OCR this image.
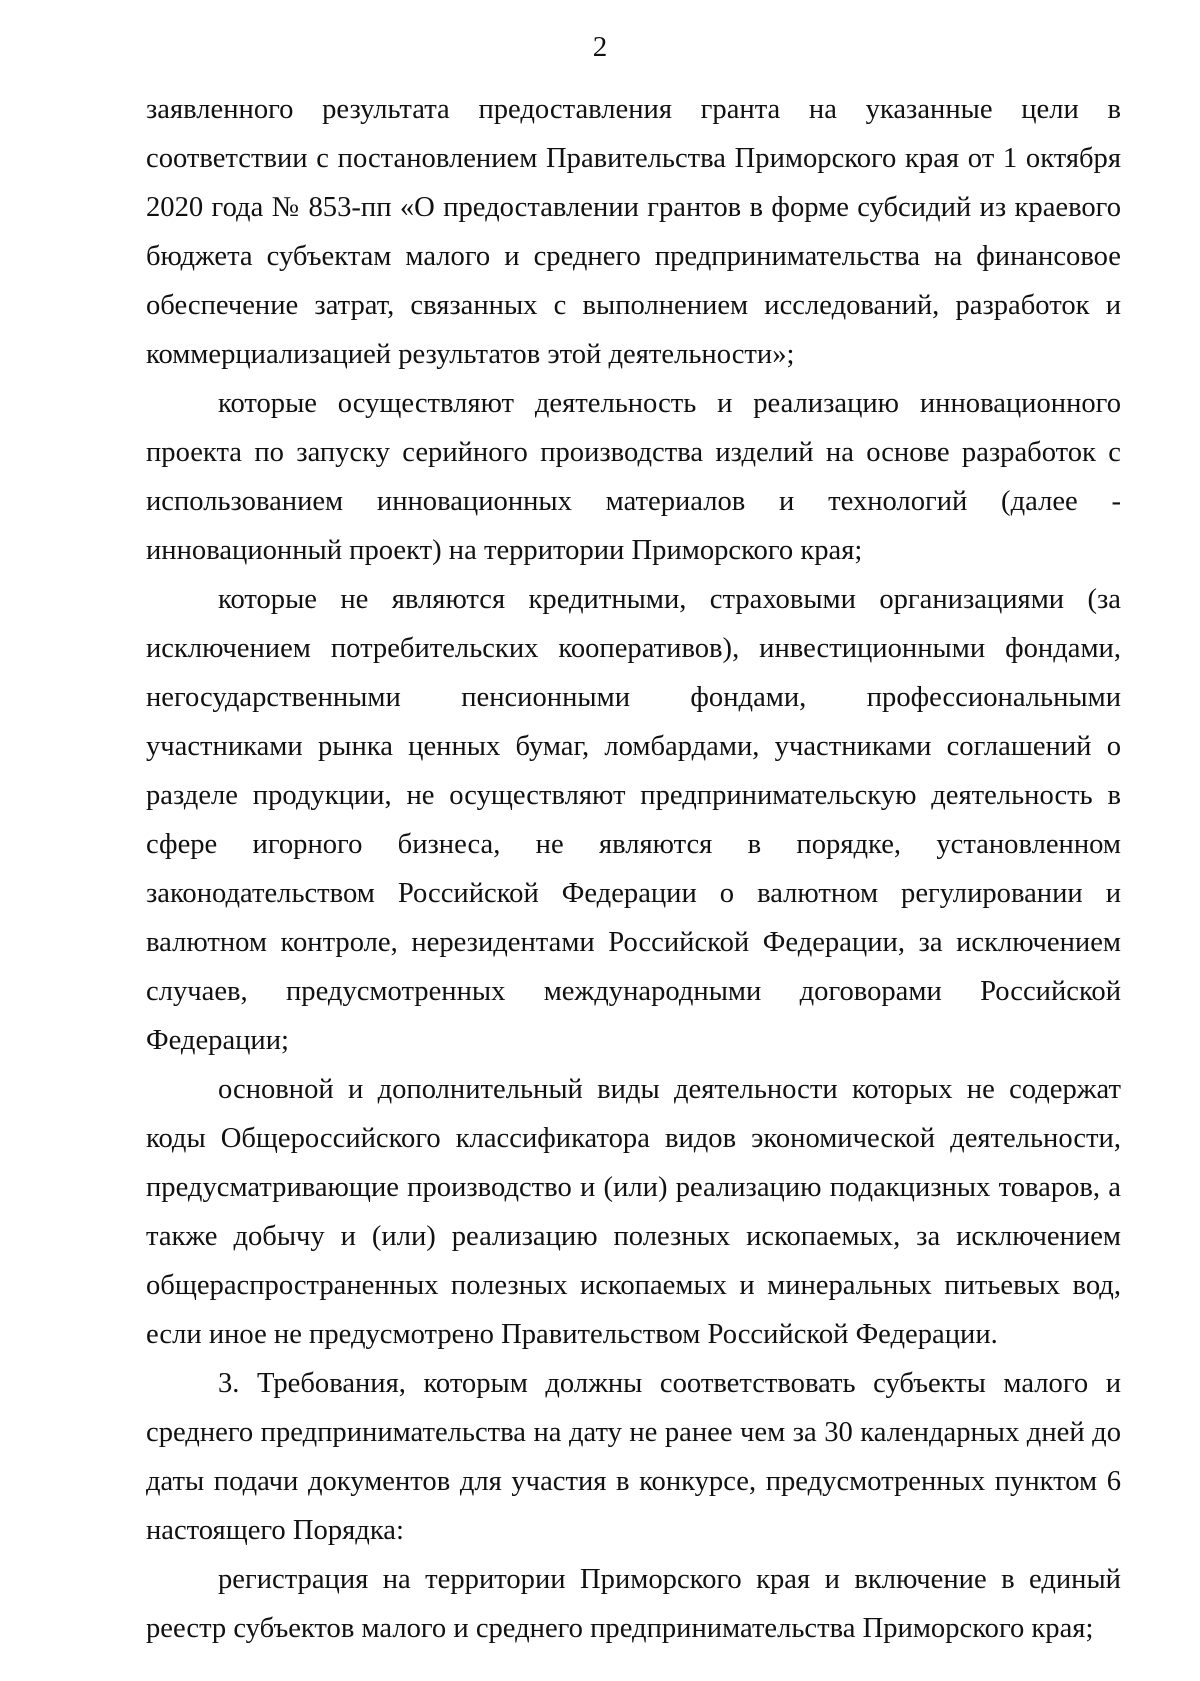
2

заявленного результата предоставления гранта на указанные цели в соответствии с постановлением Правительства Приморского края от 1 октября 2020 года № 853-пп «О предоставлении грантов в форме субсидий из краевого бюджета субъектам малого и среднего предпринимательства на финансовое обеспечение затрат, связанных с выполнением исследований, разработок и коммерциализацией результатов этой деятельности»;

которые осуществляют деятельность и реализацию инновационного проекта по запуску серийного производства изделий на основе разработок с использованием инновационных материалов и технологий (далее - инновационный проект) на территории Приморского края;

которые не являются кредитными, страховыми организациями (за исключением потребительских кооперативов), инвестиционными фондами, негосударственными пенсионными фондами, профессиональными участниками рынка ценных бумаг, ломбардами, участниками соглашений о разделе продукции, не осуществляют предпринимательскую деятельность в сфере игорного бизнеса, не являются в порядке, установленном законодательством Российской Федерации о валютном регулировании и валютном контроле, нерезидентами Российской Федерации, за исключением случаев, предусмотренных международными договорами Российской Федерации;

основной и дополнительный виды деятельности которых не содержат коды Общероссийского классификатора видов экономической деятельности, предусматривающие производство и (или) реализацию подакцизных товаров, а также добычу и (или) реализацию полезных ископаемых, за исключением общераспространенных полезных ископаемых и минеральных питьевых вод, если иное не предусмотрено Правительством Российской Федерации.

3. Требования, которым должны соответствовать субъекты малого и среднего предпринимательства на дату не ранее чем за 30 календарных дней до даты подачи документов для участия в конкурсе, предусмотренных пунктом 6 настоящего Порядка:

регистрация на территории Приморского края и включение в единый реестр субъектов малого и среднего предпринимательства Приморского края;
